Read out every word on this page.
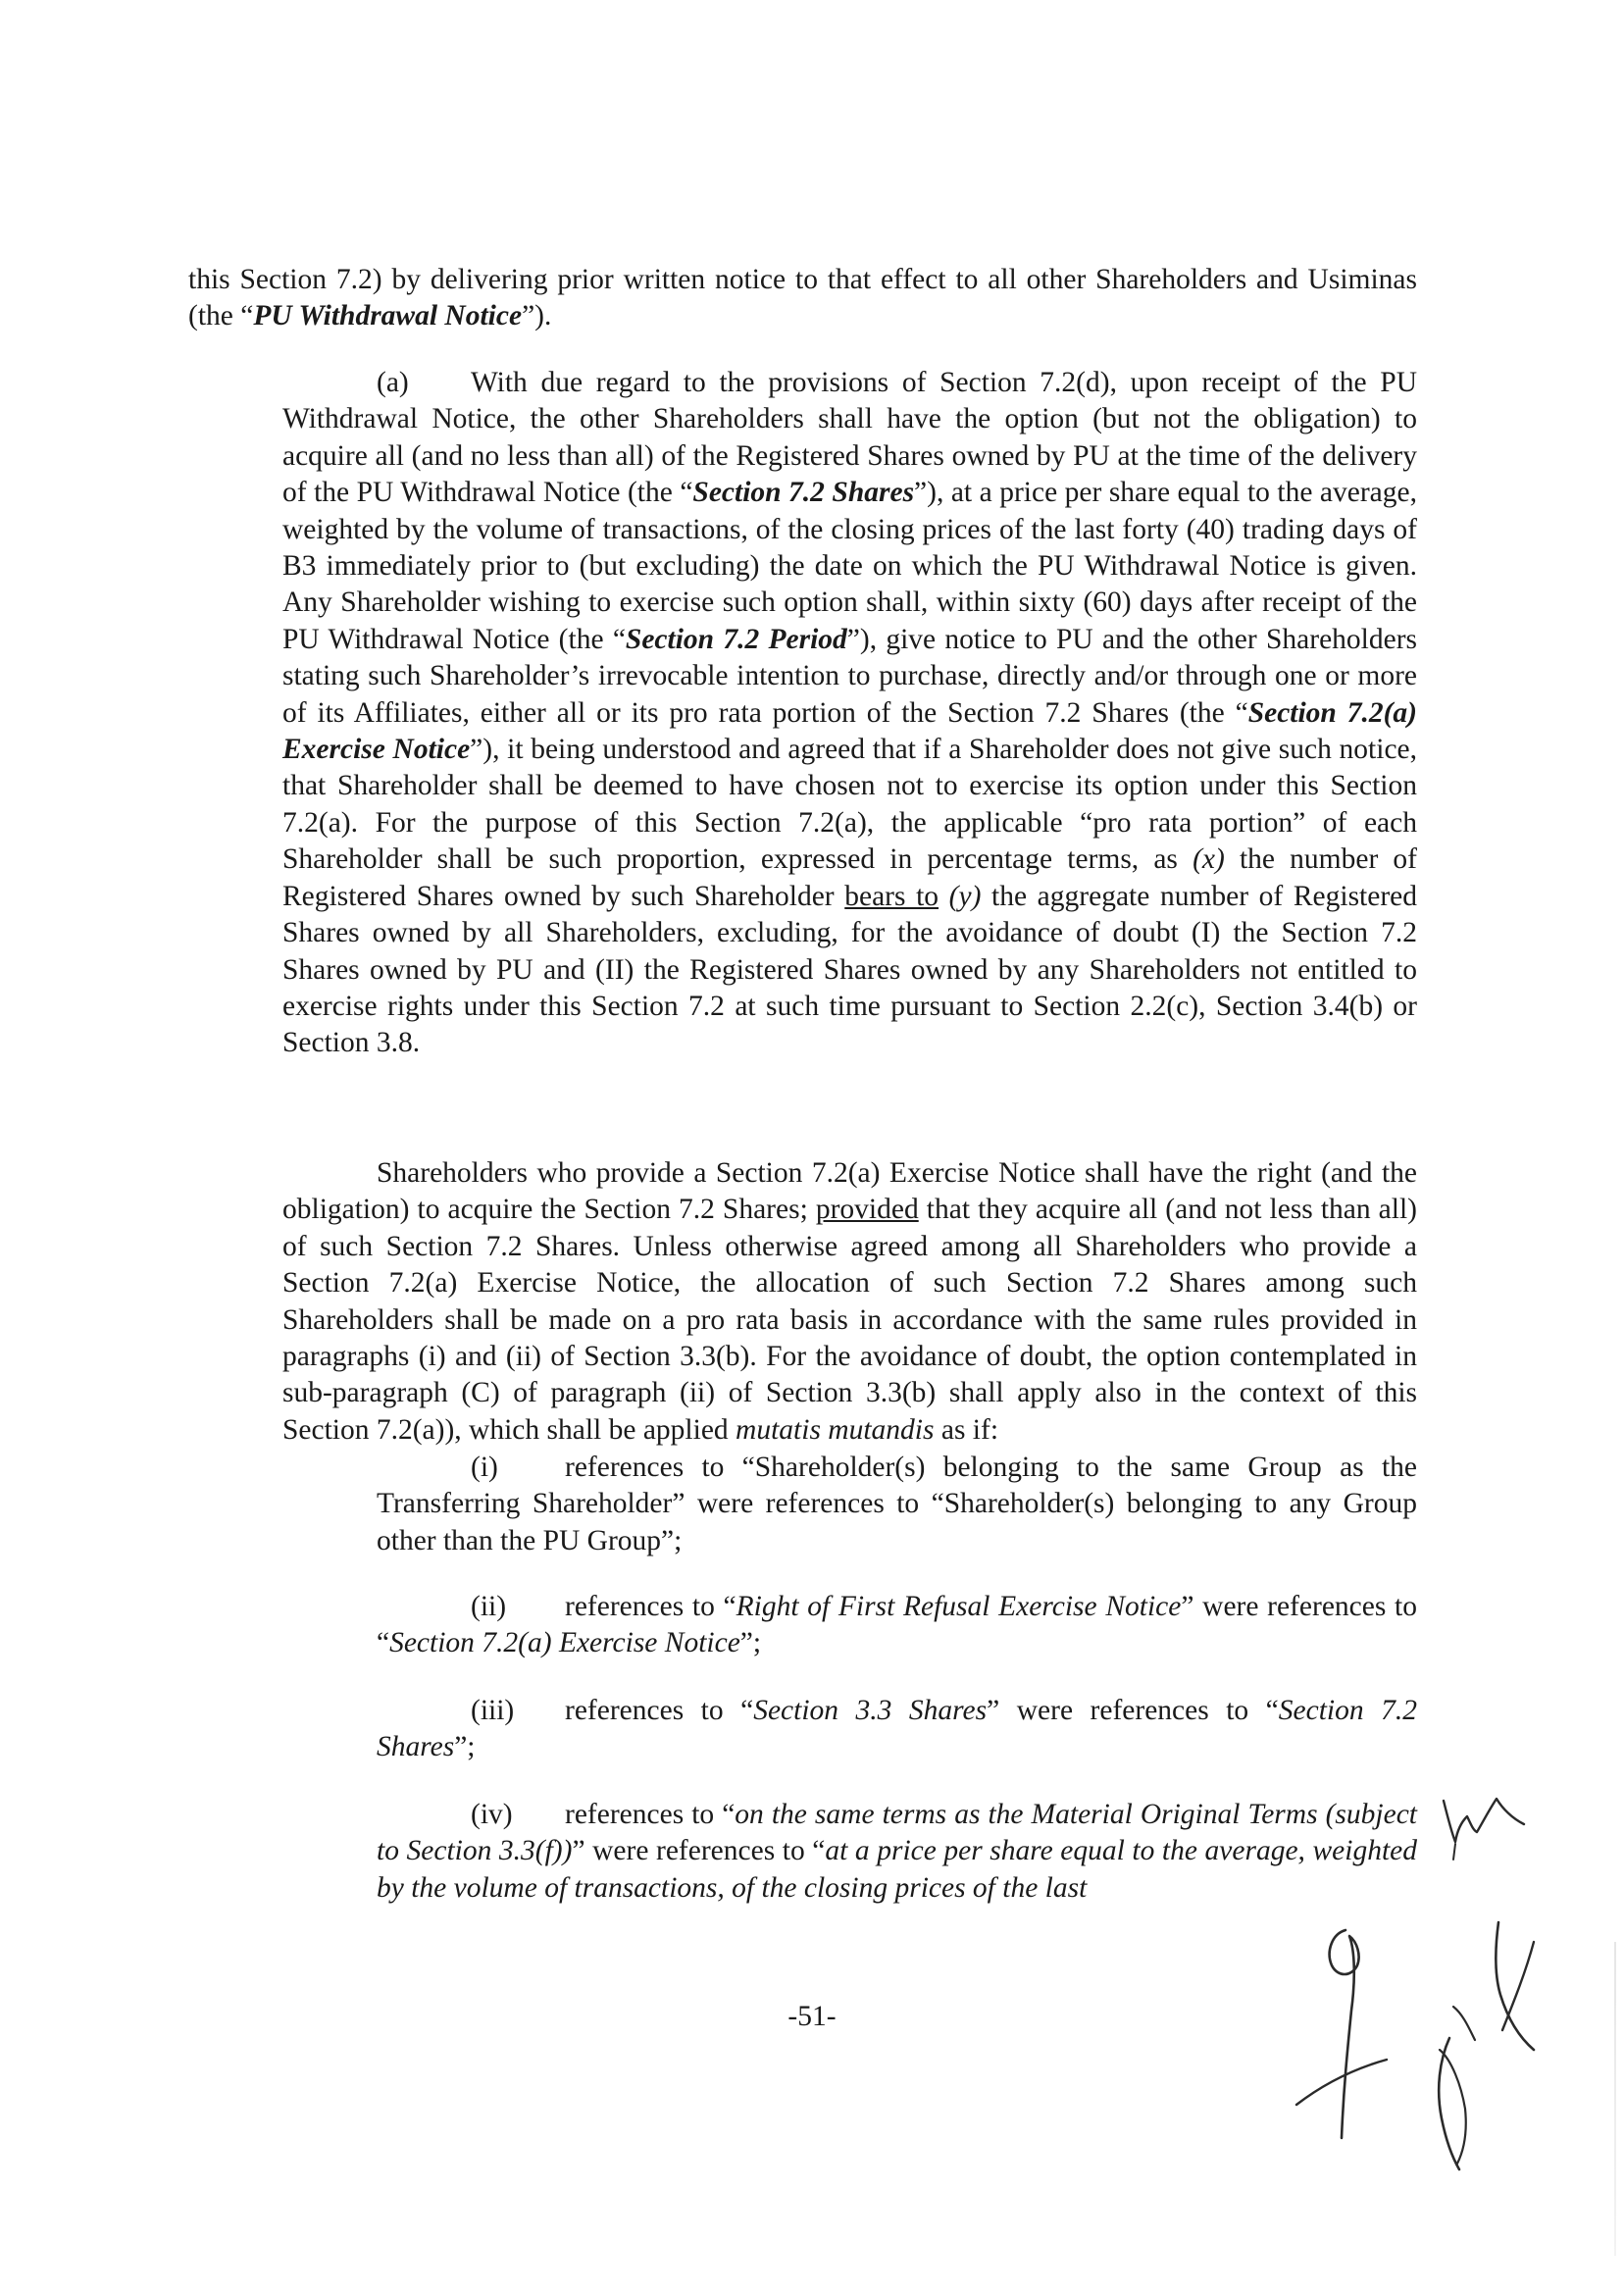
this Section 7.2) by delivering prior written notice to that effect to all other Shareholders and Usiminas (the “PU Withdrawal Notice”).

(a) With due regard to the provisions of Section 7.2(d), upon receipt of the PU Withdrawal Notice, the other Shareholders shall have the option (but not the obligation) to acquire all (and no less than all) of the Registered Shares owned by PU at the time of the delivery of the PU Withdrawal Notice (the “Section 7.2 Shares”), at a price per share equal to the average, weighted by the volume of transactions, of the closing prices of the last forty (40) trading days of B3 immediately prior to (but excluding) the date on which the PU Withdrawal Notice is given. Any Shareholder wishing to exercise such option shall, within sixty (60) days after receipt of the PU Withdrawal Notice (the “Section 7.2 Period”), give notice to PU and the other Shareholders stating such Shareholder’s irrevocable intention to purchase, directly and/or through one or more of its Affiliates, either all or its pro rata portion of the Section 7.2 Shares (the “Section 7.2(a) Exercise Notice”), it being understood and agreed that if a Shareholder does not give such notice, that Shareholder shall be deemed to have chosen not to exercise its option under this Section 7.2(a). For the purpose of this Section 7.2(a), the applicable “pro rata portion” of each Shareholder shall be such proportion, expressed in percentage terms, as (x) the number of Registered Shares owned by such Shareholder bears to (y) the aggregate number of Registered Shares owned by all Shareholders, excluding, for the avoidance of doubt (I) the Section 7.2 Shares owned by PU and (II) the Registered Shares owned by any Shareholders not entitled to exercise rights under this Section 7.2 at such time pursuant to Section 2.2(c), Section 3.4(b) or Section 3.8.

Shareholders who provide a Section 7.2(a) Exercise Notice shall have the right (and the obligation) to acquire the Section 7.2 Shares; provided that they acquire all (and not less than all) of such Section 7.2 Shares. Unless otherwise agreed among all Shareholders who provide a Section 7.2(a) Exercise Notice, the allocation of such Section 7.2 Shares among such Shareholders shall be made on a pro rata basis in accordance with the same rules provided in paragraphs (i) and (ii) of Section 3.3(b). For the avoidance of doubt, the option contemplated in sub-paragraph (C) of paragraph (ii) of Section 3.3(b) shall apply also in the context of this Section 7.2(a)), which shall be applied mutatis mutandis as if:

(i) references to “Shareholder(s) belonging to the same Group as the Transferring Shareholder” were references to “Shareholder(s) belonging to any Group other than the PU Group”;

(ii) references to “Right of First Refusal Exercise Notice” were references to “Section 7.2(a) Exercise Notice”;

(iii) references to “Section 3.3 Shares” were references to “Section 7.2 Shares”;

(iv) references to “on the same terms as the Material Original Terms (subject to Section 3.3(f))” were references to “at a price per share equal to the average, weighted by the volume of transactions, of the closing prices of the last

-51-
